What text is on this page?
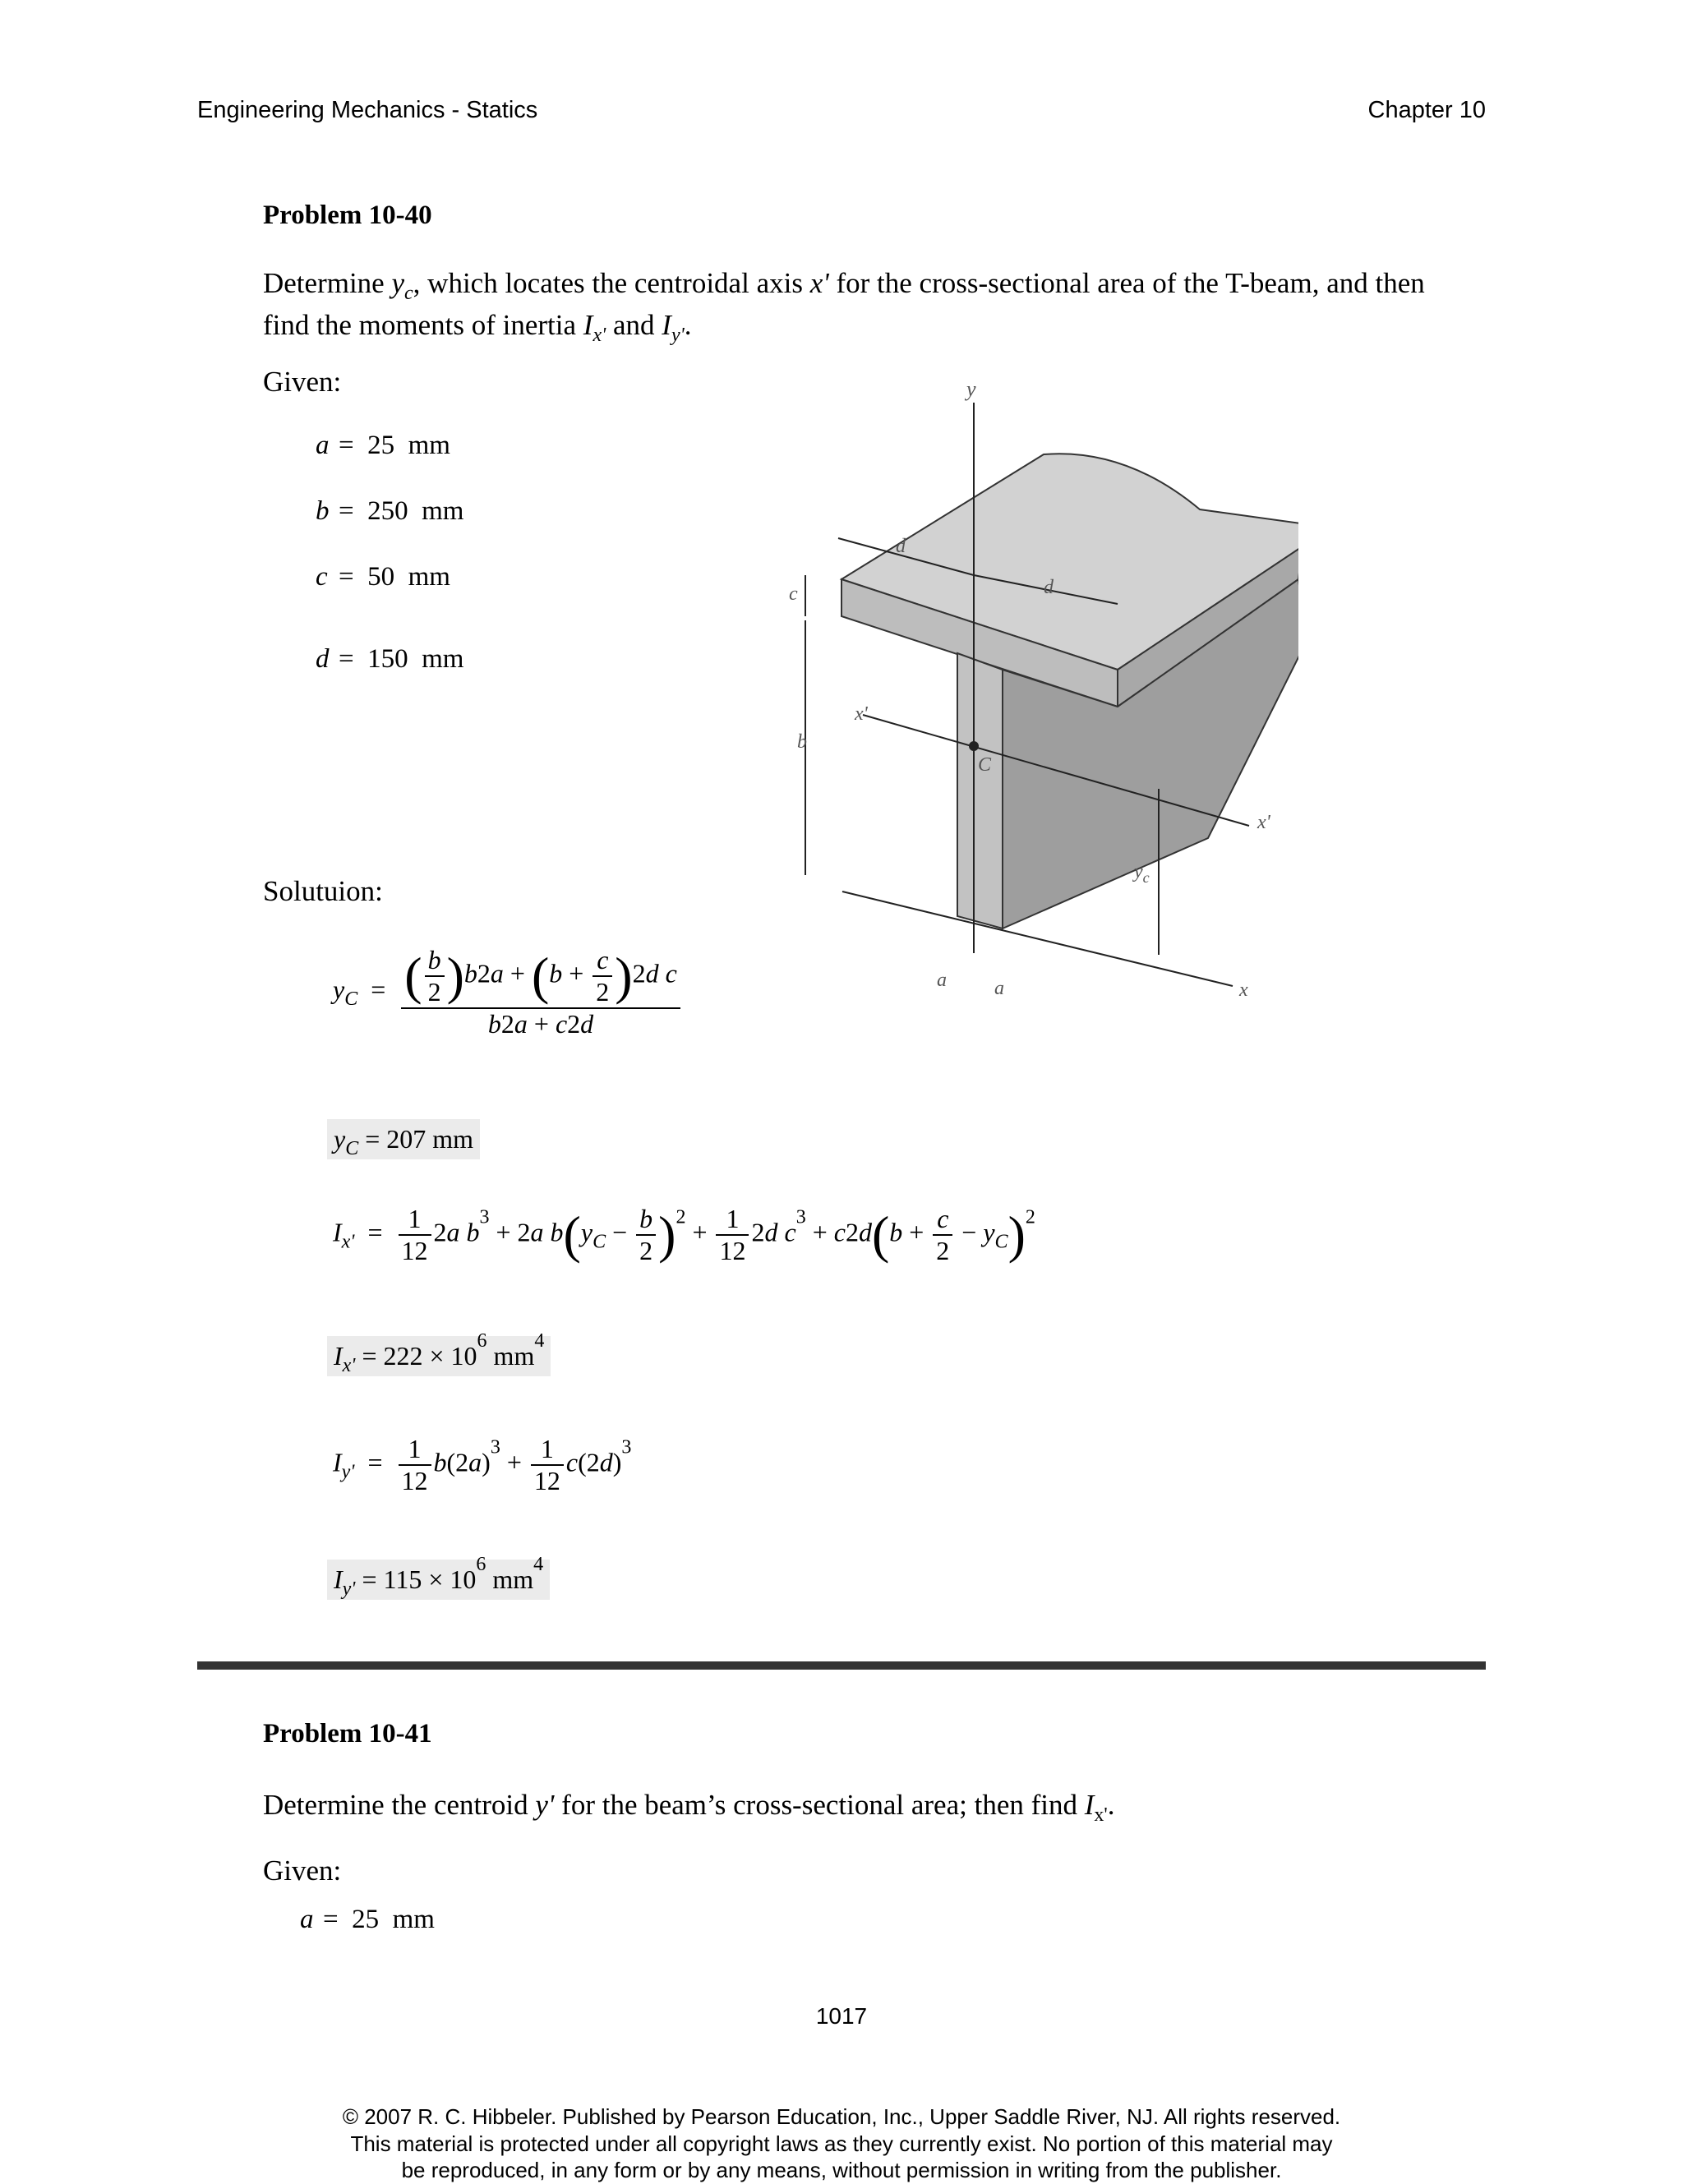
Engineering Mechanics - Statics	Chapter 10
Problem 10-40
Determine $y_c$, which locates the centroidal axis x' for the cross-sectional area of the T-beam, and then
find the moments of inertia $I_{x'}$ and $I_{y'}$.
Given:
a = 25 mm
b = 250 mm
c = 50 mm
d = 150 mm
y
x'
x'
C
x
$y_c$
b
c
d
d
a a
Solutuion:
$y_C = \frac{( \frac{b}{2} )b2a + (b + \frac{c}{2} )2d c}{b2a + c2d}$
$y_C = 207$ mm
$I_{x'} = \frac{1}{12} 2a$ $b^3 + 2a$ $b(y_C - \frac{b}{2} )^2 + \frac{1}{12} 2d$ $c^3 + c2d(b + \frac{c}{2} - y_C)^2$
$I_{x'} = 222 \times 10^6$ $mm^4$
$I_{y'} = \frac{1}{12} b(2a)^3 + \frac{1}{12} c(2d)^3$
$I_{y'} = 115 \times 10^6$ $mm^4$
Problem 10-41
Determine the centroid y' for the beam’s cross-sectional area; then find $I_{x'}$.
Given:
a = 25 mm
1017
© 2007 R. C. Hibbeler. Published by Pearson Education, Inc., Upper Saddle River, NJ. All rights reserved.
This material is protected under all copyright laws as they currently exist. No portion of this material may
be reproduced, in any form or by any means, without permission in writing from the publisher.
